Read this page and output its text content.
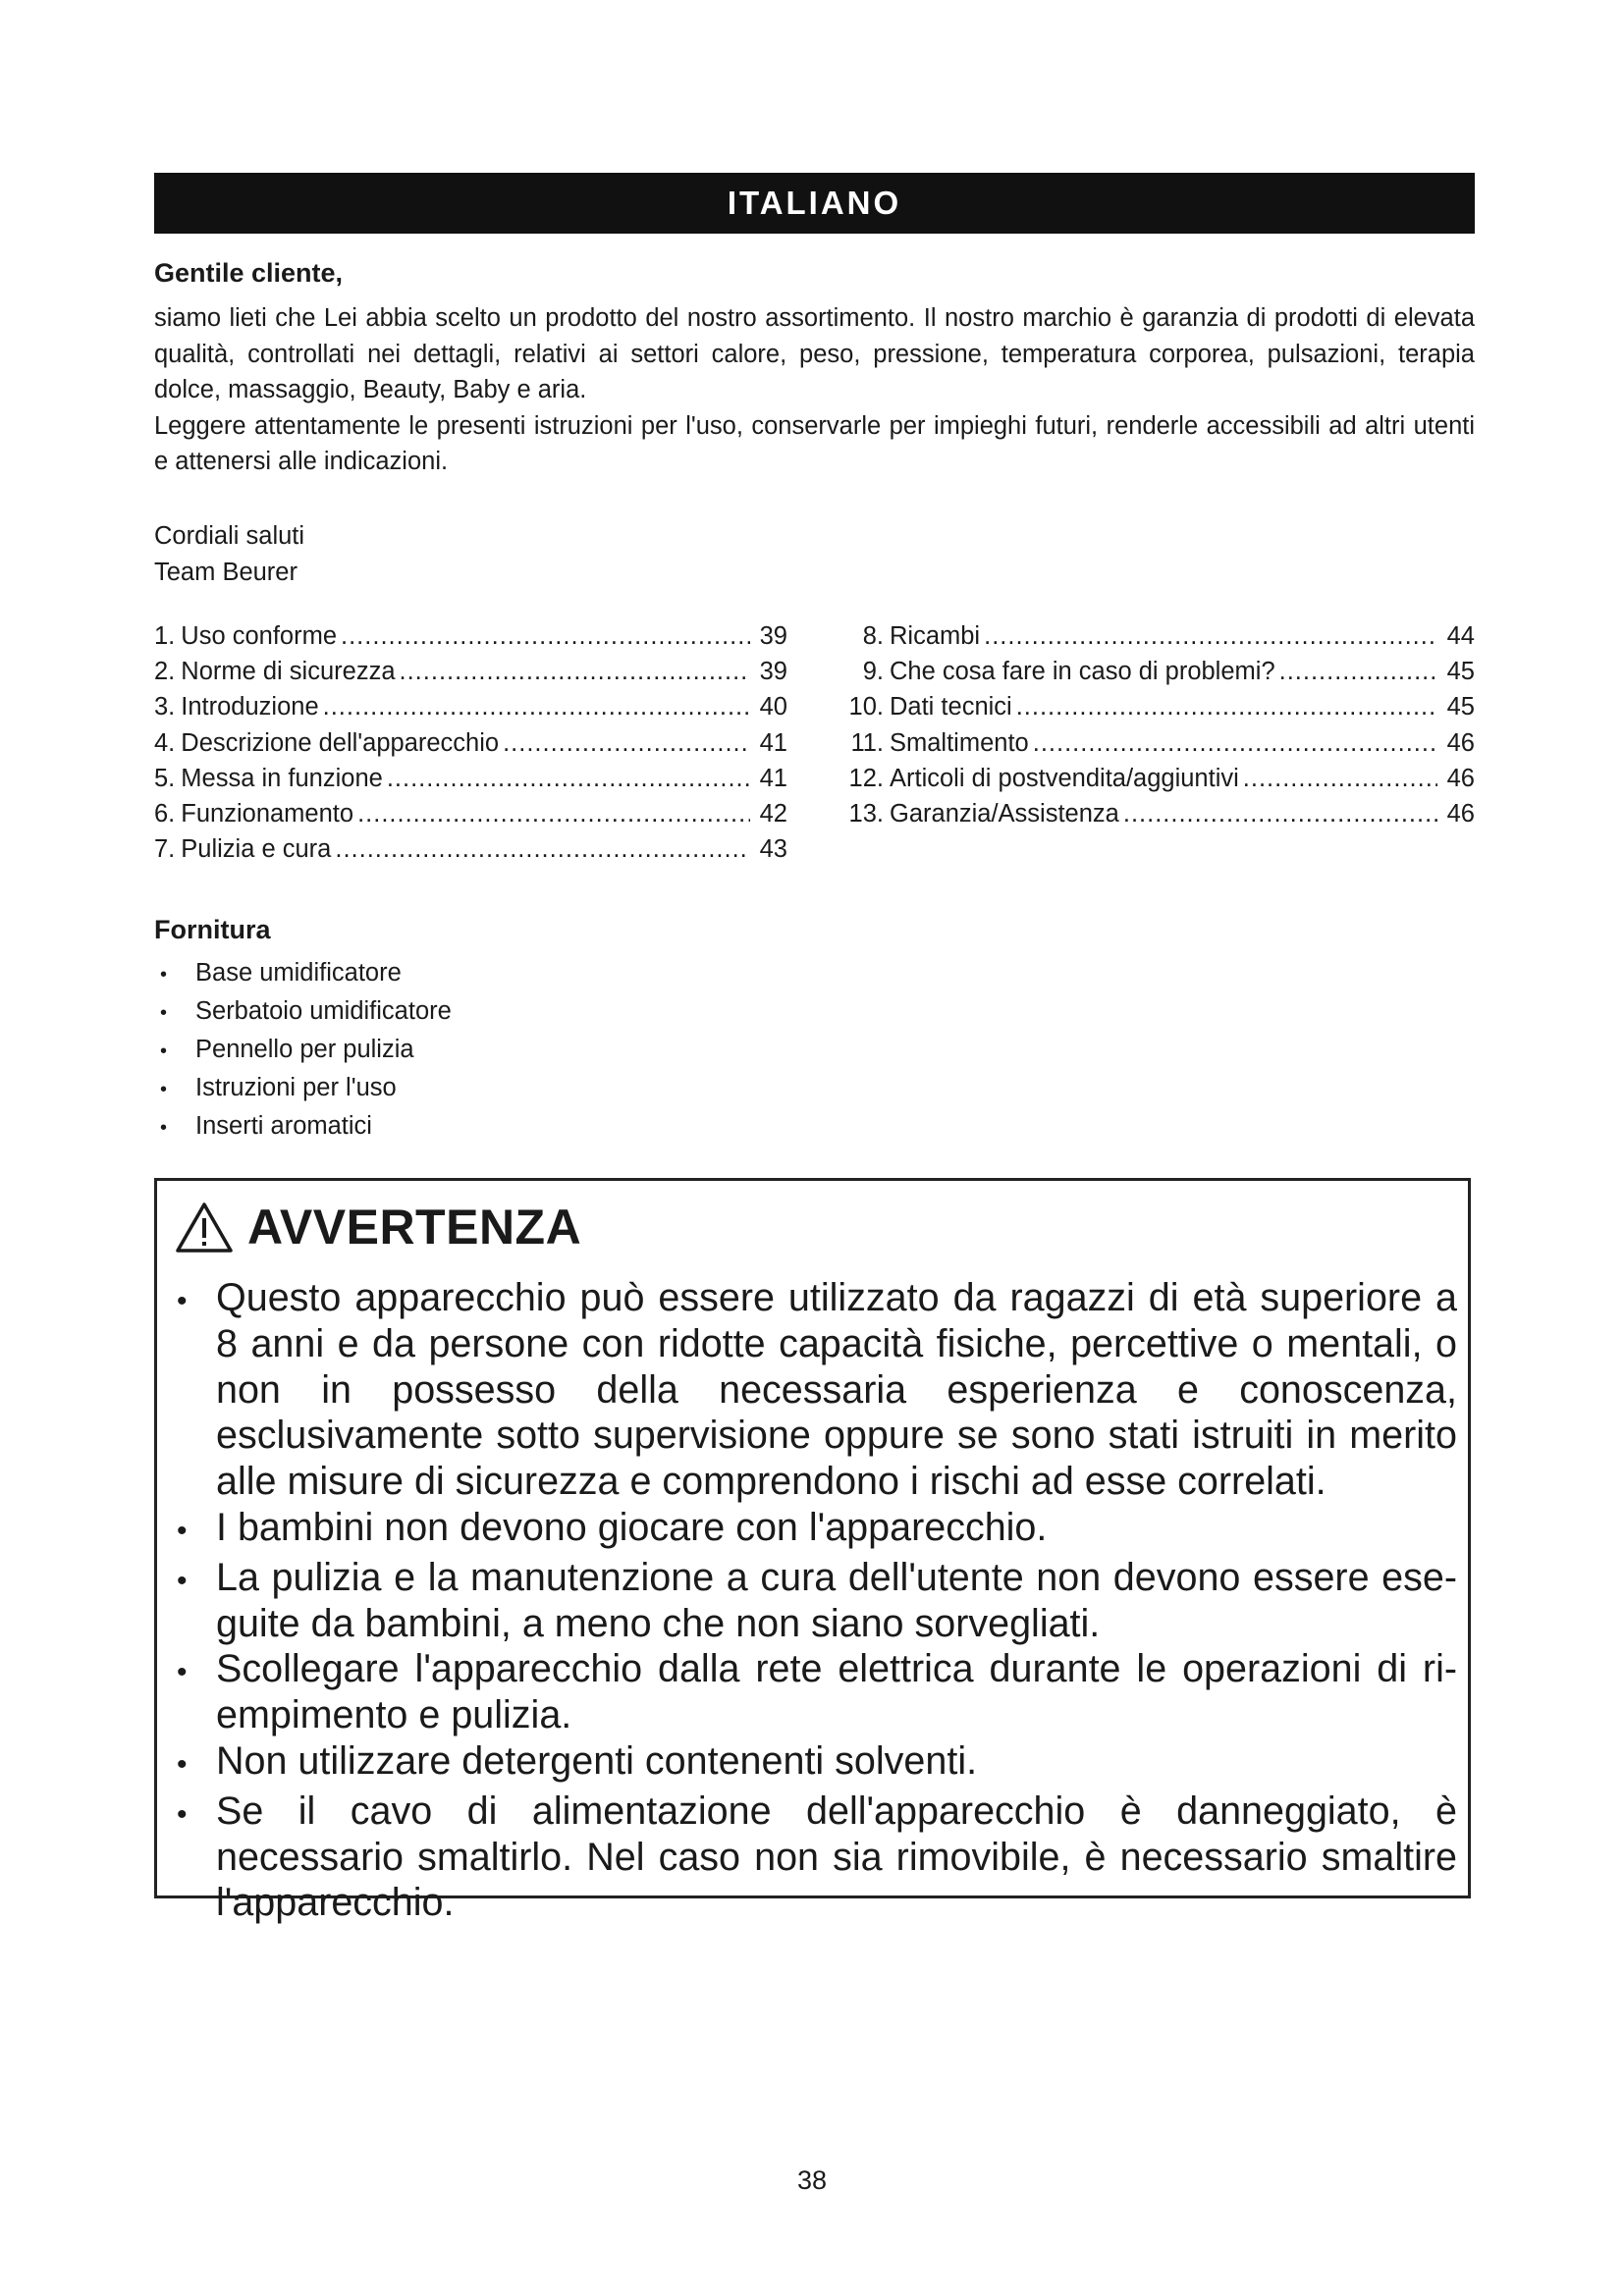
ITALIANO
Gentile cliente,

siamo lieti che Lei abbia scelto un prodotto del nostro assortimento. Il nostro marchio è garanzia di prodotti di elevata qualità, controllati nei dettagli, relativi ai settori calore, peso, pressione, temperatura corporea, pulsazioni, terapia dolce, massaggio, Beauty, Baby e aria.

Leggere attentamente le presenti istruzioni per l'uso, conservarle per impieghi futuri, renderle accessibili ad altri utenti e attenersi alle indicazioni.

Cordiali saluti
Team Beurer
1. Uso conforme .....	39
2. Norme di sicurezza .....	39
3. Introduzione .....	40
4. Descrizione dell'apparecchio .....	41
5. Messa in funzione .....	41
6. Funzionamento .....	42
7. Pulizia e cura .....	43
8. Ricambi .....	44
9. Che cosa fare in caso di problemi? .....	45
10. Dati tecnici .....	45
11. Smaltimento .....	46
12. Articoli di postvendita/aggiuntivi .....	46
13. Garanzia/Assistenza .....	46
Fornitura
•	Base umidificatore
•	Serbatoio umidificatore
•	Pennello per pulizia
•	Istruzioni per l'uso
•	Inserti aromatici
AVVERTENZA
• Questo apparecchio può essere utilizzato da ragazzi di età superiore a 8 anni e da persone con ridotte capacità fisiche, percettive o mentali, o non in possesso della necessaria esperienza e conoscenza, esclusivamente sotto supervisione oppure se sono stati istruiti in merito alle misure di sicurezza e comprendono i rischi ad esse correlati.
• I bambini non devono giocare con l'apparecchio.
• La pulizia e la manutenzione a cura dell'utente non devono essere ese-guite da bambini, a meno che non siano sorvegliati.
• Scollegare l'apparecchio dalla rete elettrica durante le operazioni di ri-empimento e pulizia.
• Non utilizzare detergenti contenenti solventi.
• Se il cavo di alimentazione dell'apparecchio è danneggiato, è necessario smaltirlo. Nel caso non sia rimovibile, è necessario smaltire l'apparecchio.
38
